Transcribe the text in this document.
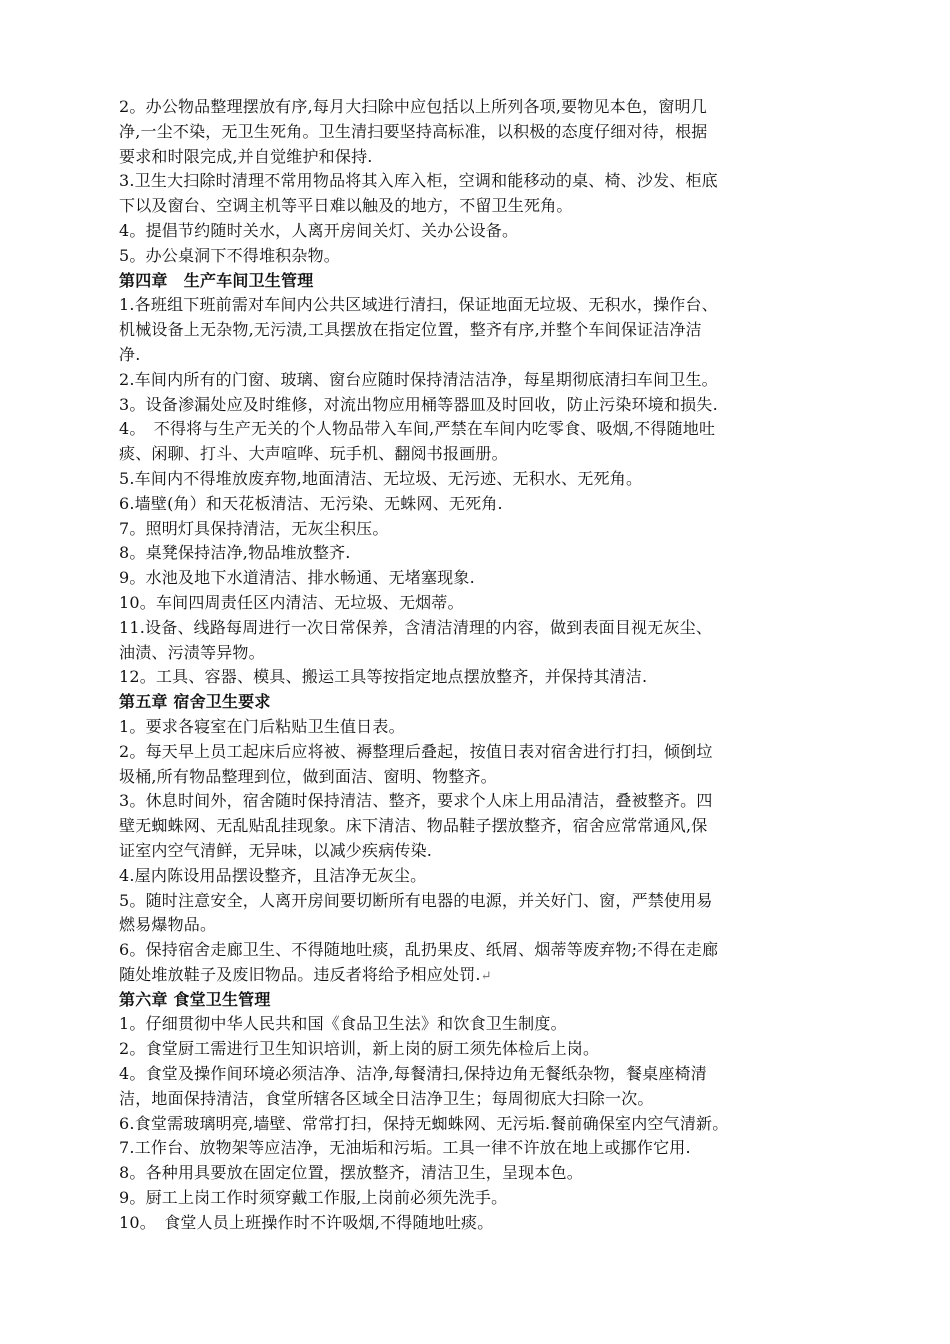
2。办公物品整理摆放有序,每月大扫除中应包括以上所列各项,要物见本色，窗明几
净,一尘不染，无卫生死角。卫生清扫要坚持高标准，以积极的态度仔细对待，根据
要求和时限完成,并自觉维护和保持.
3.卫生大扫除时清理不常用物品将其入库入柜，空调和能移动的桌、椅、沙发、柜底
下以及窗台、空调主机等平日难以触及的地方，不留卫生死角。
4。提倡节约随时关水，人离开房间关灯、关办公设备。
5。办公桌洞下不得堆积杂物。
第四章　生产车间卫生管理
1.各班组下班前需对车间内公共区域进行清扫，保证地面无垃圾、无积水，操作台、
机械设备上无杂物,无污渍,工具摆放在指定位置，整齐有序,并整个车间保证洁净洁
净.
2.车间内所有的门窗、玻璃、窗台应随时保持清洁洁净，每星期彻底清扫车间卫生。
3。设备渗漏处应及时维修，对流出物应用桶等器皿及时回收，防止污染环境和损失.
4。　不得将与生产无关的个人物品带入车间,严禁在车间内吃零食、吸烟,不得随地吐
痰、闲聊、打斗、大声喧哗、玩手机、翻阅书报画册。
5.车间内不得堆放废弃物,地面清洁、无垃圾、无污迹、无积水、无死角。
6.墙壁(角）和天花板清洁、无污染、无蛛网、无死角.
7。照明灯具保持清洁，无灰尘积压。
8。桌凳保持洁净,物品堆放整齐.
9。水池及地下水道清洁、排水畅通、无堵塞现象.
10。车间四周责任区内清洁、无垃圾、无烟蒂。
11.设备、线路每周进行一次日常保养，含清洁清理的内容，做到表面目视无灰尘、
油渍、污渍等异物。
12。工具、容器、模具、搬运工具等按指定地点摆放整齐，并保持其清洁.
第五章 宿舍卫生要求
1。要求各寝室在门后粘贴卫生值日表。
2。每天早上员工起床后应将被、褥整理后叠起，按值日表对宿舍进行打扫，倾倒垃
圾桶,所有物品整理到位，做到面洁、窗明、物整齐。
3。休息时间外，宿舍随时保持清洁、整齐，要求个人床上用品清洁，叠被整齐。四
壁无蜘蛛网、无乱贴乱挂现象。床下清洁、物品鞋子摆放整齐，宿舍应常常通风,保
证室内空气清鲜，无异味，以减少疾病传染.
4.屋内陈设用品摆设整齐，且洁净无灰尘。
5。随时注意安全，人离开房间要切断所有电器的电源，并关好门、窗，严禁使用易
燃易爆物品。
6。保持宿舍走廊卫生、不得随地吐痰，乱扔果皮、纸屑、烟蒂等废弃物;不得在走廊
随处堆放鞋子及废旧物品。违反者将给予相应处罚.↵
第六章 食堂卫生管理
1。仔细贯彻中华人民共和国《食品卫生法》和饮食卫生制度。
2。食堂厨工需进行卫生知识培训，新上岗的厨工须先体检后上岗。
4。食堂及操作间环境必须洁净、洁净,每餐清扫,保持边角无餐纸杂物，餐桌座椅清
洁，地面保持清洁，食堂所辖各区域全日洁净卫生；每周彻底大扫除一次。
6.食堂需玻璃明亮,墙壁、常常打扫，保持无蜘蛛网、无污垢.餐前确保室内空气清新。
7.工作台、放物架等应洁净，无油垢和污垢。工具一律不许放在地上或挪作它用.
8。各种用具要放在固定位置，摆放整齐，清洁卫生，呈现本色。
9。厨工上岗工作时须穿戴工作服,上岗前必须先洗手。
10。　食堂人员上班操作时不许吸烟,不得随地吐痰。
